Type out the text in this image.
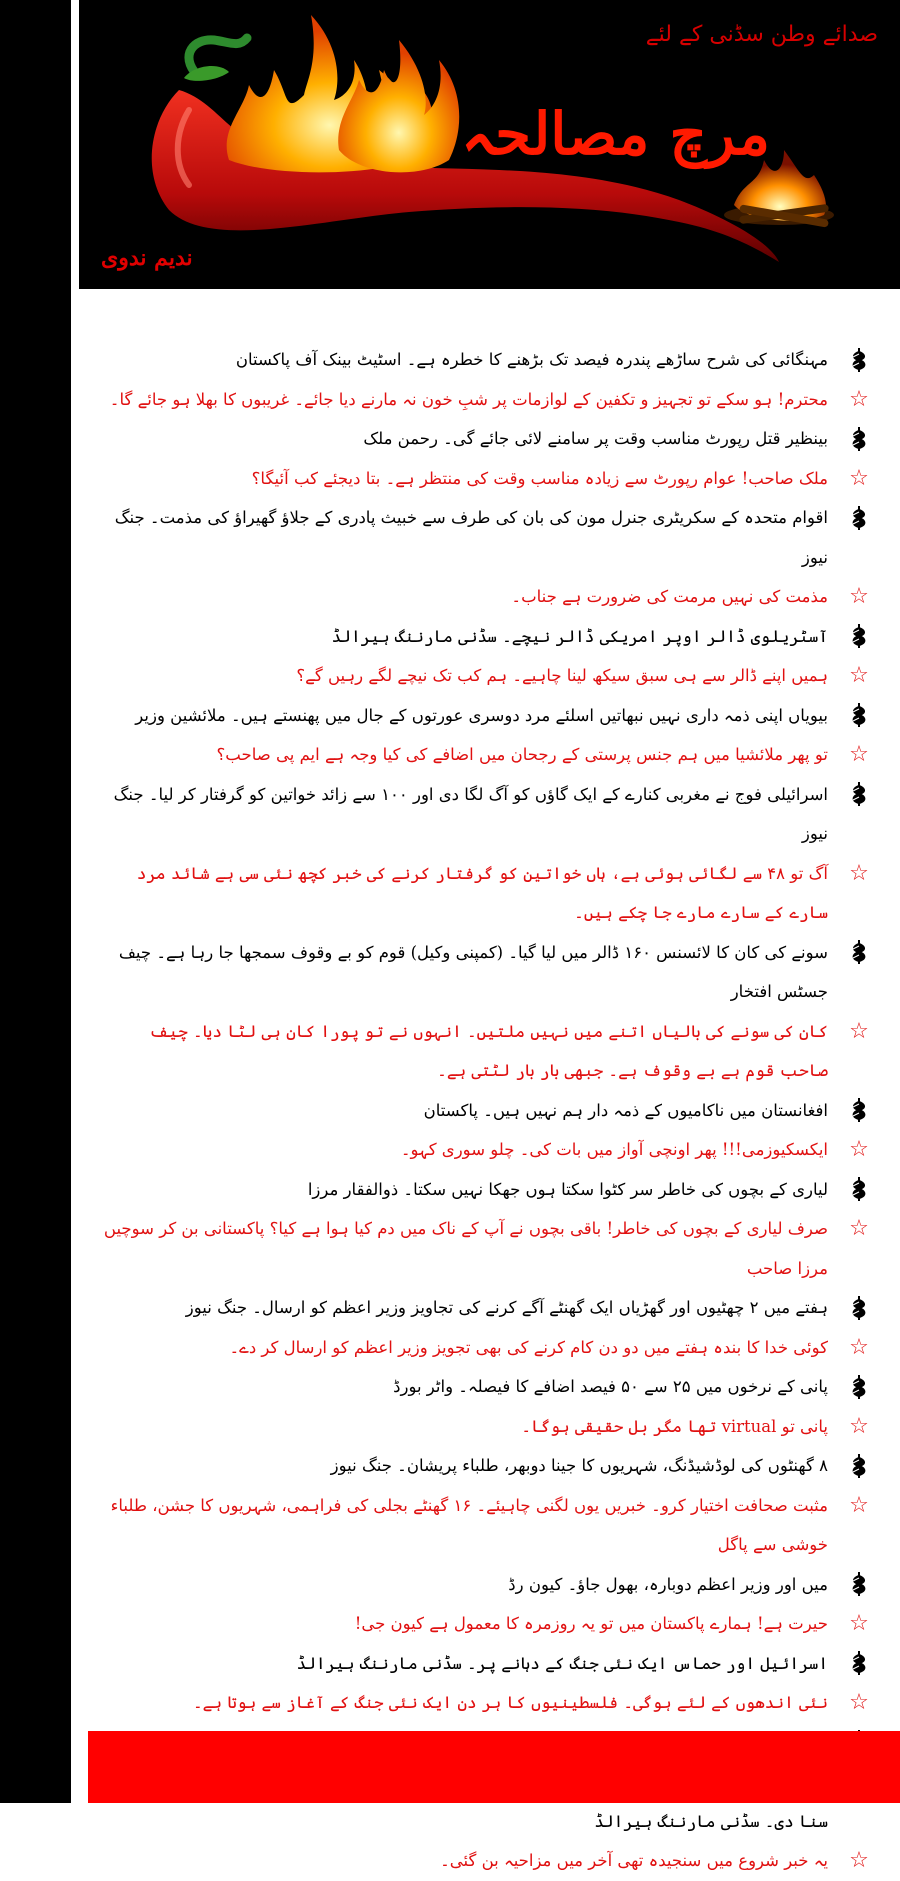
صدائے وطن سڈنی کے لئے
مرچ مصالحہ
ندیم ندوی
مہنگائی کی شرح ساڑھے پندرہ فیصد تک بڑھنے کا خطرہ ہے۔ اسٹیٹ بینک آف پاکستان
☆
محترم! ہو سکے تو تجہیز و تکفین کے لوازمات پر شبِ خون نہ مارنے دیا جائے۔ غریبوں کا بھلا ہو جائے گا۔
بینظیر قتل رپورٹ مناسب وقت پر سامنے لائی جائے گی۔ رحمن ملک
☆
ملک صاحب! عوام رپورٹ سے زیادہ مناسب وقت کی منتظر ہے۔ بتا دیجئے کب آئیگا؟
اقوام متحدہ کے سکریٹری جنرل مون کی بان کی طرف سے خبیث پادری کے جلاؤ گھیراؤ کی مذمت۔ جنگ نیوز
☆
مذمت کی نہیں مرمت کی ضرورت ہے جناب۔
آسٹریلوی ڈالر اوپر امریکی ڈالر نیچے۔ سڈنی مارننگ ہیرالڈ
☆
ہمیں اپنے ڈالر سے ہی سبق سیکھ لینا چاہیے۔ ہم کب تک نیچے لگے رہیں گے؟
بیویاں اپنی ذمہ داری نہیں نبھاتیں اسلئے مرد دوسری عورتوں کے جال میں پھنستے ہیں۔ ملائشین وزیر
☆
تو پھر ملائشیا میں ہم جنس پرستی کے رجحان میں اضافے کی کیا وجہ ہے ایم پی صاحب؟
اسرائیلی فوج نے مغربی کنارے کے ایک گاؤں کو آگ لگا دی اور ۱۰۰ سے زائد خواتین کو گرفتار کر لیا۔ جنگ نیوز
☆
آگ تو ۴۸ سے لگائی ہوئی ہے، ہاں خواتین کو گرفتار کرنے کی خبر کچھ نئی سی ہے شائد مرد سارے کے سارے مارے جا چکے ہیں۔
سونے کی کان کا لائسنس ۱۶۰ ڈالر میں لیا گیا۔ (کمپنی وکیل) قوم کو بے وقوف سمجھا جا رہا ہے۔ چیف جسٹس افتخار
☆
کان کی سونے کی بالیاں اتنے میں نہیں ملتیں۔ انہوں نے تو پورا کان ہی لٹا دیا۔ چیف صاحب قوم ہے بے وقوف ہے۔ جبھی بار بار لٹتی ہے۔
افغانستان میں ناکامیوں کے ذمہ دار ہم نہیں ہیں۔ پاکستان
☆
ایکسکیوزمی!!! پھر اونچی آواز میں بات کی۔ چلو سوری کہو۔
لیاری کے بچوں کی خاطر سر کٹوا سکتا ہوں جھکا نہیں سکتا۔ ذوالفقار مرزا
☆
صرف لیاری کے بچوں کی خاطر! باقی بچوں نے آپ کے ناک میں دم کیا ہوا ہے کیا؟ پاکستانی بن کر سوچیں مرزا صاحب
ہفتے میں ۲ چھٹیوں اور گھڑیاں ایک گھنٹے آگے کرنے کی تجاویز وزیر اعظم کو ارسال۔ جنگ نیوز
☆
کوئی خدا کا بندہ ہفتے میں دو دن کام کرنے کی بھی تجویز وزیر اعظم کو ارسال کر دے۔
پانی کے نرخوں میں ۲۵ سے ۵۰ فیصد اضافے کا فیصلہ۔ واٹر بورڈ
☆
پانی تو virtual تھا مگر بل حقیقی ہوگا۔
۸ گھنٹوں کی لوڈشیڈنگ، شہریوں کا جینا دوبھر، طلباء پریشان۔ جنگ نیوز
☆
مثبت صحافت اختیار کرو۔ خبریں یوں لگنی چاہیئے۔ ۱۶ گھنٹے بجلی کی فراہمی، شہریوں کا جشن، طلباء خوشی سے پاگل
میں اور وزیر اعظم دوبارہ، بھول جاؤ۔ کیون رڈ
☆
حیرت ہے! ہمارے پاکستان میں تو یہ روزمرہ کا معمول ہے کیون جی!
اسرائیل اور حماس ایک نئی جنگ کے دہانے پر۔ سڈنی مارننگ ہیرالڈ
☆
نئی اندھوں کے لئے ہوگی۔ فلسطینیوں کا ہر دن ایک نئی جنگ کے آغاز سے ہوتا ہے۔
سنا دی۔ سڈنی مارننگ ہیرالڈ
☆
یہ خبر شروع میں سنجیدہ تھی آخر میں مزاحیہ بن گئی۔
